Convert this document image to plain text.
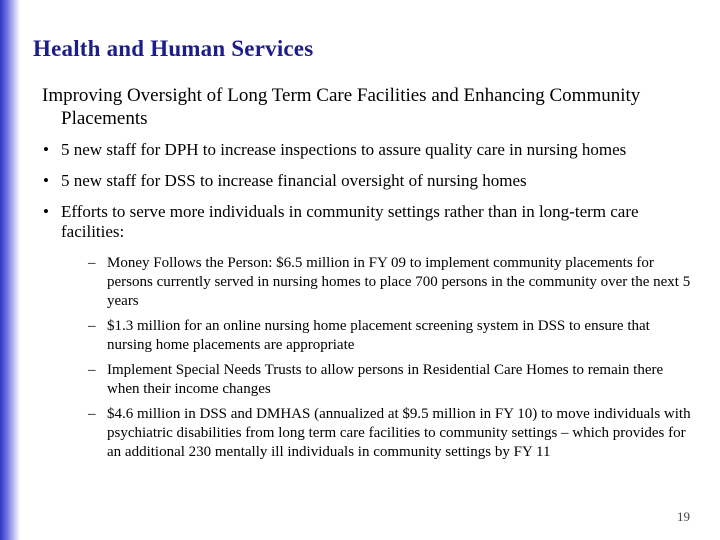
Health and Human Services
Improving Oversight of Long Term Care Facilities and Enhancing Community Placements
• 5 new staff for DPH to increase inspections to assure quality care in nursing homes
• 5 new staff for DSS to increase financial oversight of nursing homes
• Efforts to serve more individuals in community settings rather than in long-term care facilities:
– Money Follows the Person: $6.5 million in FY 09 to implement community placements for persons currently served in nursing homes to place 700 persons in the community over the next 5 years
– $1.3 million for an online nursing home placement screening system in DSS to ensure that nursing home placements are appropriate
– Implement Special Needs Trusts to allow persons in Residential Care Homes to remain there when their income changes
– $4.6 million in DSS and DMHAS (annualized at $9.5 million in FY 10) to move individuals with psychiatric disabilities from long term care facilities to community settings – which provides for an additional 230 mentally ill individuals in community settings by FY 11
19
